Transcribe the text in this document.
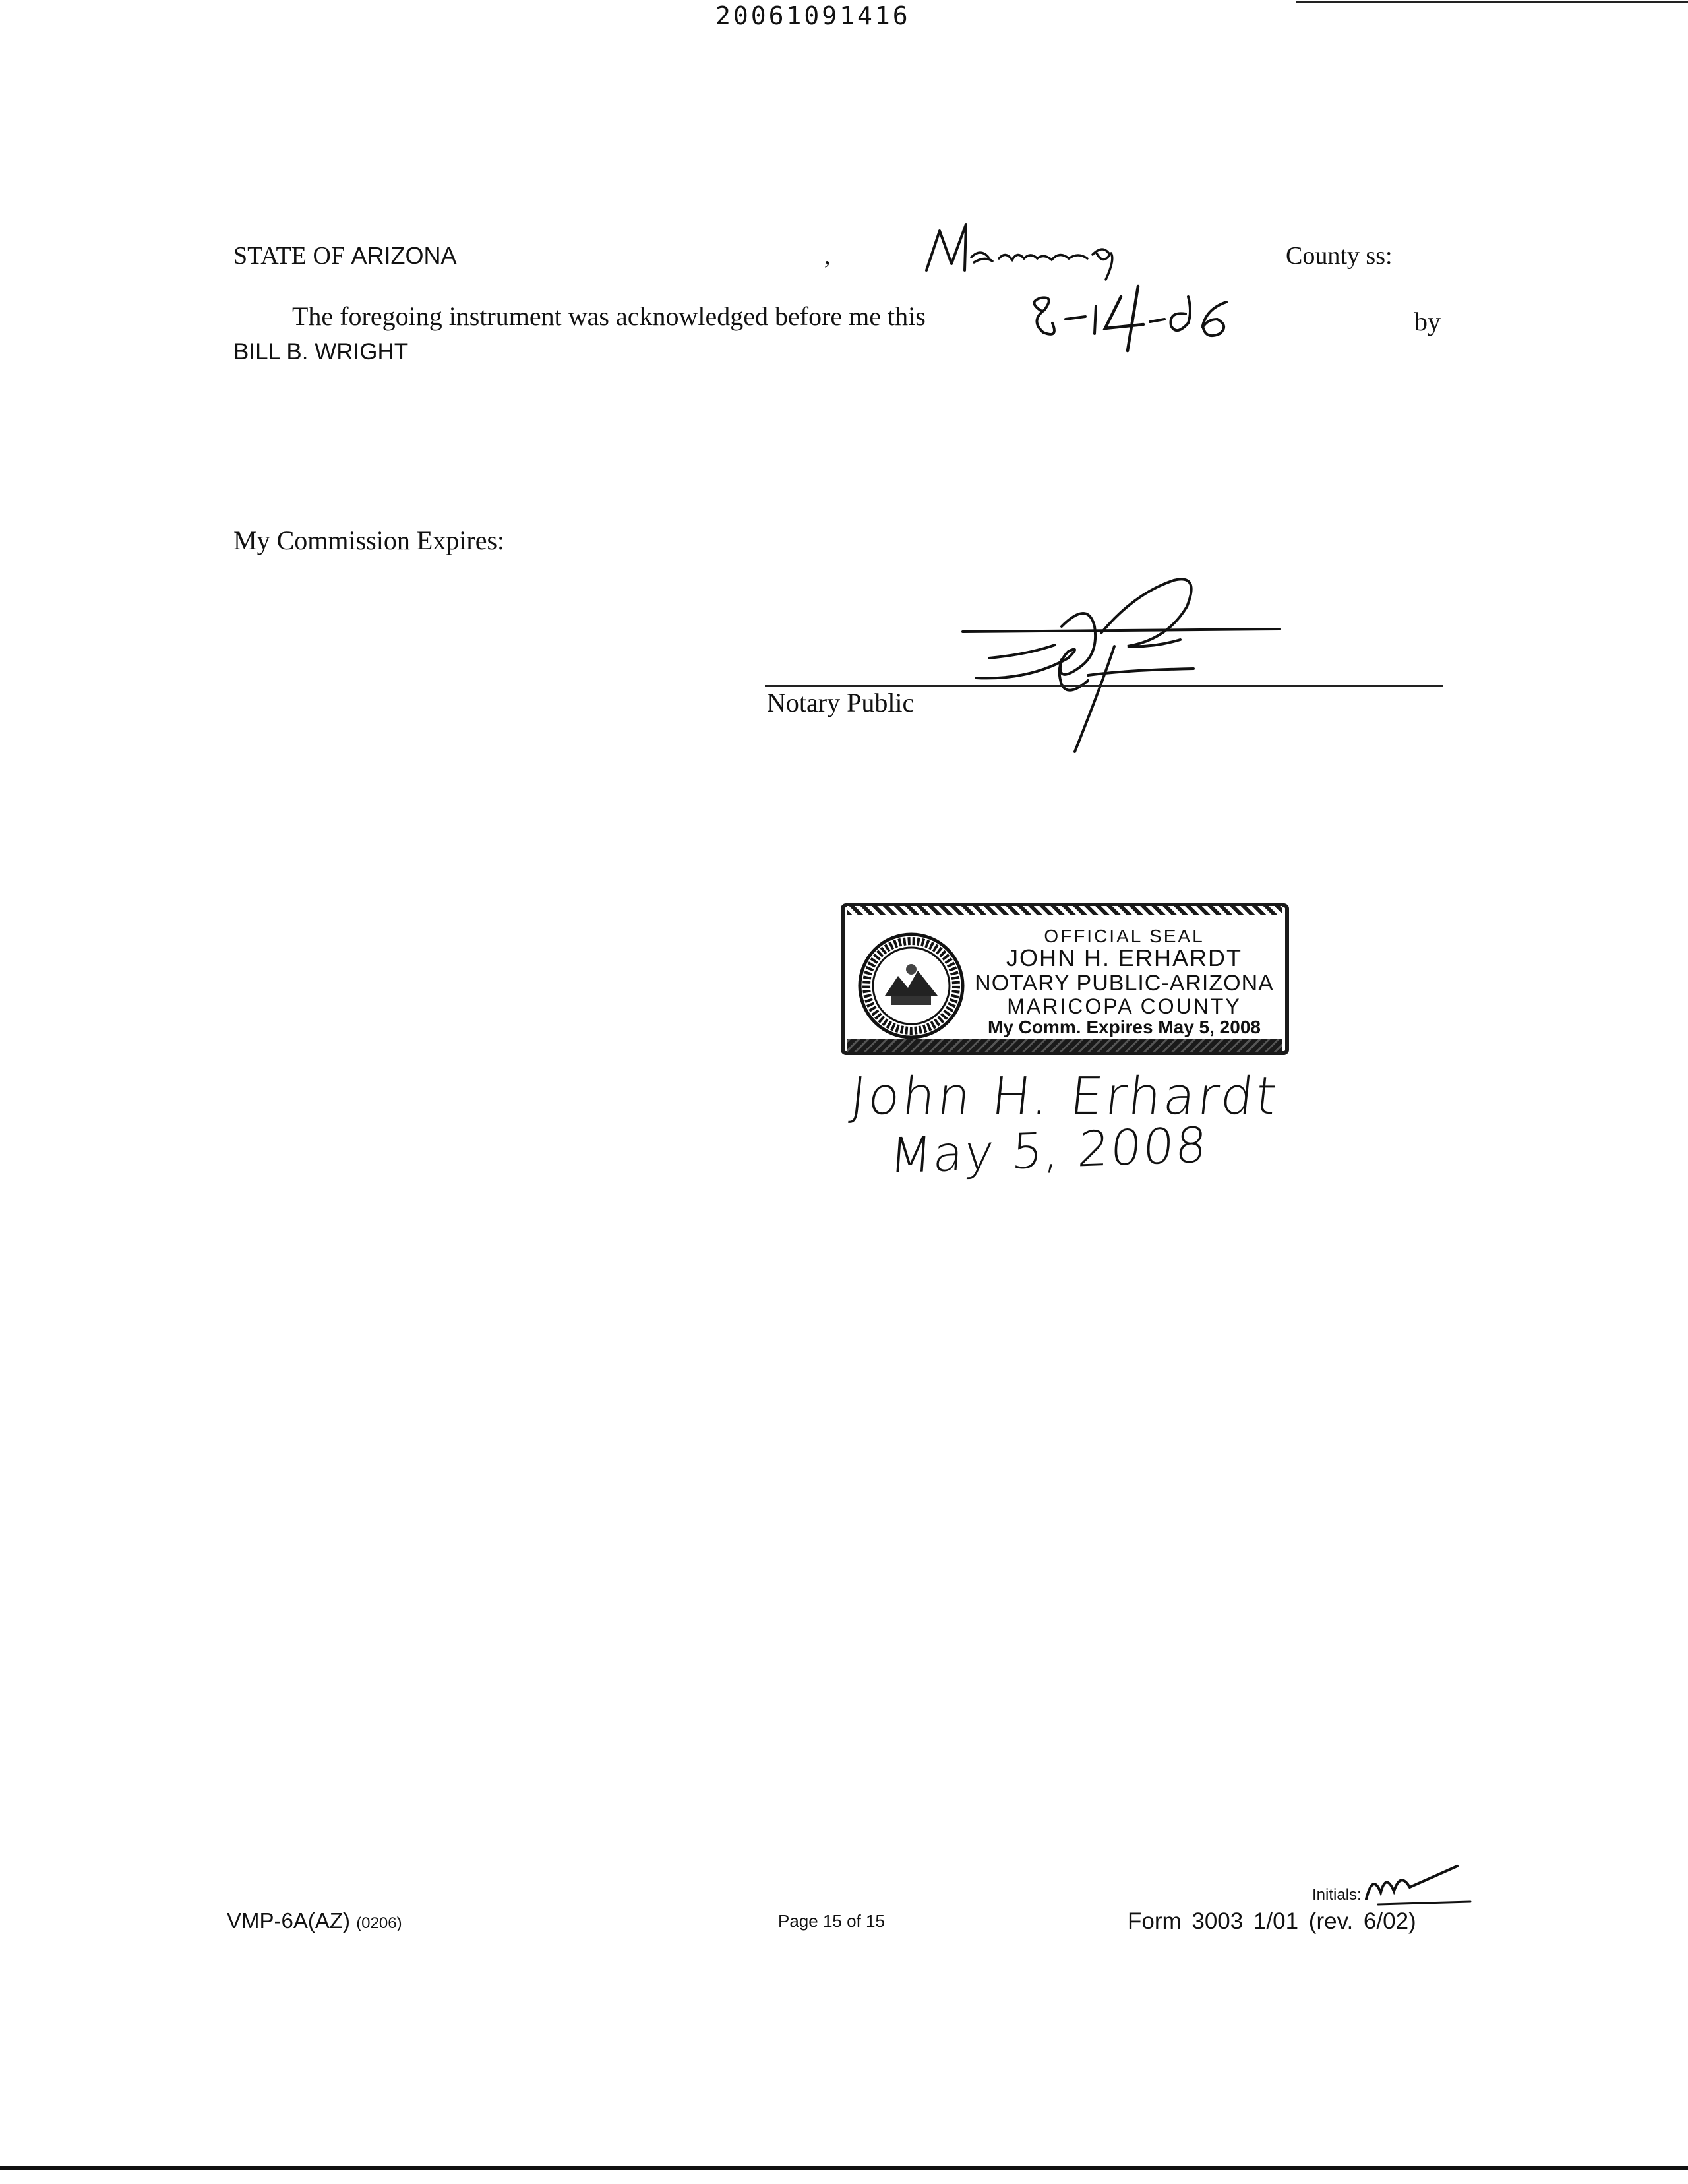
20061091416
STATE OF ARIZONA	,	County ss:
The foregoing instrument was acknowledged before me this	by
BILL B. WRIGHT
My Commission Expires:
Notary Public
OFFICIAL SEAL
JOHN H. ERHARDT
NOTARY PUBLIC-ARIZONA
MARICOPA COUNTY
My Comm. Expires May 5, 2008
John H. Erhardt
May 5, 2008
VMP-6A(AZ) (0206)	Page 15 of 15
Initials:
Form 3003 1/01 (rev. 6/02)
